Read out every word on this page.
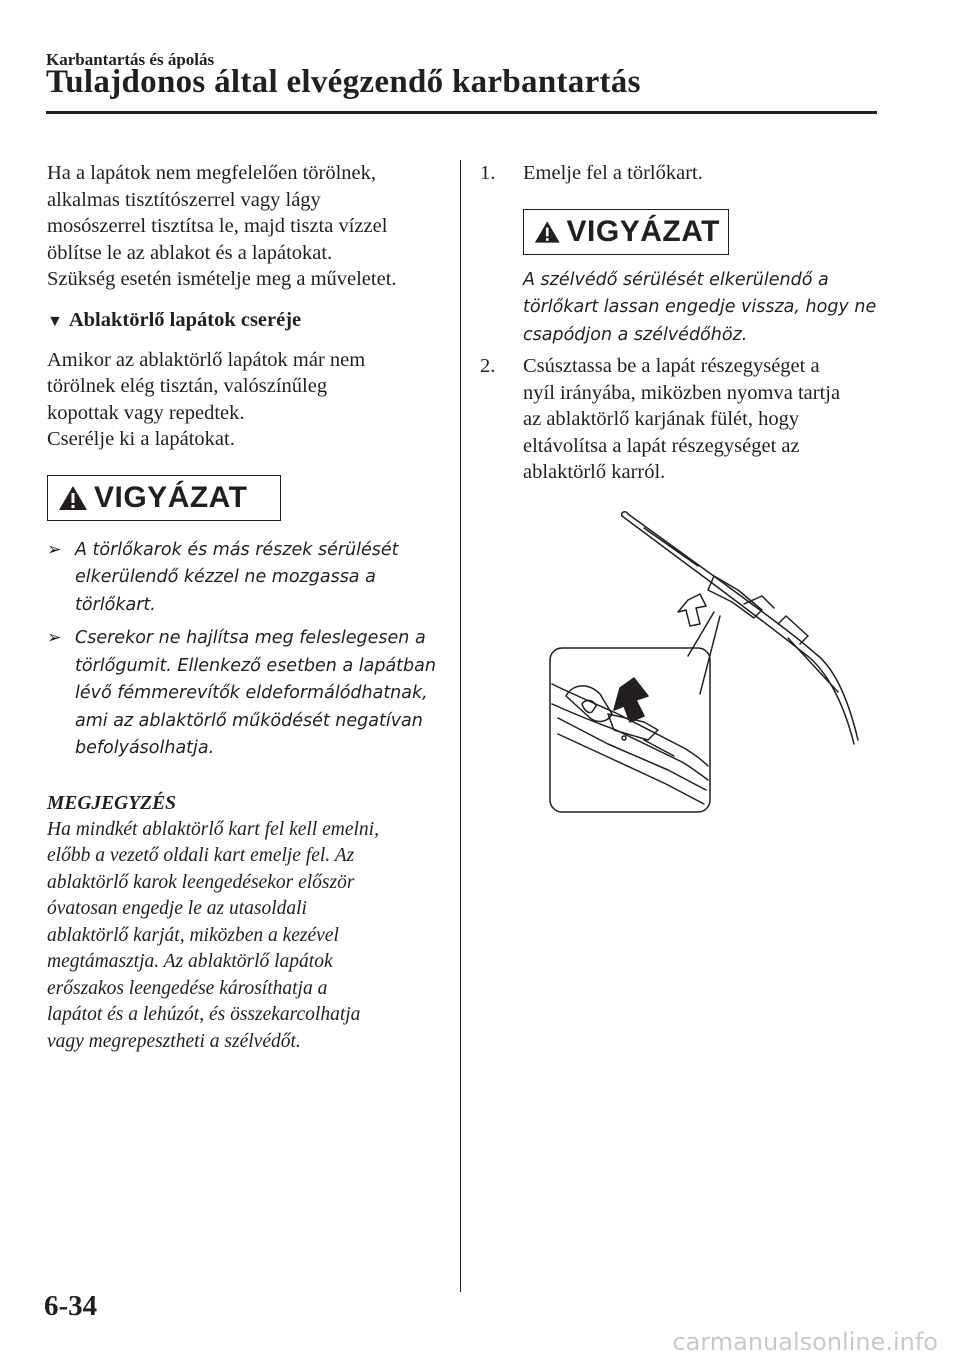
Karbantartás és ápolás
Tulajdonos által elvégzendő karbantartás

Ha a lapátok nem megfelelően törölnek,
alkalmas tisztítószerrel vagy lágy
mosószerrel tisztítsa le, majd tiszta vízzel
öblítse le az ablakot és a lapátokat.
Szükség esetén ismételje meg a műveletet.

▼ Ablaktörlő lapátok cseréje

Amikor az ablaktörlő lapátok már nem
törölnek elég tisztán, valószínűleg
kopottak vagy repedtek.
Cserélje ki a lapátokat.

VIGYÁZAT
➢ A törlőkarok és más részek sérülését
elkerülendő kézzel ne mozgassa a
törlőkart.
➢ Cserekor ne hajlítsa meg feleslegesen a
törlőgumit. Ellenkező esetben a lapátban
lévő fémmerevítők eldeformálódhatnak,
ami az ablaktörlő működését negatívan
befolyásolhatja.
MEGJEGYZÉS

Ha mindkét ablaktörlő kart fel kell emelni,
előbb a vezető oldali kart emelje fel. Az
ablaktörlő karok leengedésekor először
óvatosan engedje le az utasoldali
ablaktörlő karját, miközben a kezével
megtámasztja. Az ablaktörlő lapátok
erőszakos leengedése károsíthatja a
lapátot és a lehúzót, és összekarcolhatja
vagy megrepesztheti a szélvédőt.

1. Emelje fel a törlőkart.
VIGYÁZAT
A szélvédő sérülését elkerülendő a
törlőkart lassan engedje vissza, hogy ne
csapódjon a szélvédőhöz.
2. Csúsztassa be a lapát részegységet a
nyíl irányába, miközben nyomva tartja
az ablaktörlő karjának fülét, hogy
eltávolítsa a lapát részegységet az
ablaktörlő karról.
6-34
carmanualsonline.info
